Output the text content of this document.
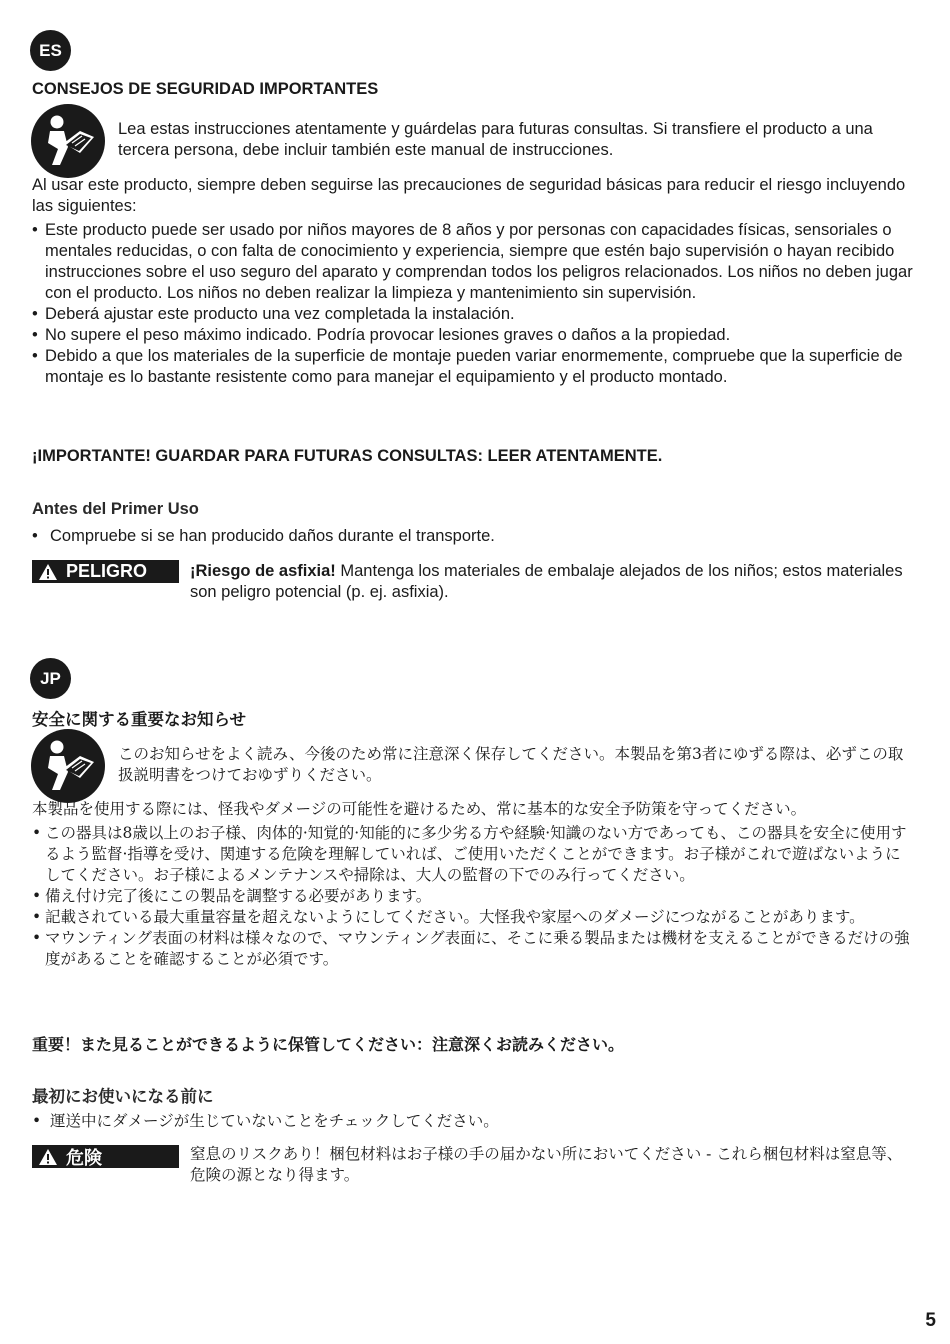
ES
CONSEJOS DE SEGURIDAD IMPORTANTES

Lea estas instrucciones atentamente y guárdelas para futuras consultas. Si transfiere el producto a una tercera persona, debe incluir también este manual de instrucciones.

Al usar este producto, siempre deben seguirse las precauciones de seguridad básicas para reducir el riesgo incluyendo las siguientes:

• Este producto puede ser usado por niños mayores de 8 años y por personas con capacidades físicas, sensoriales o mentales reducidas, o con falta de conocimiento y experiencia, siempre que estén bajo supervisión o hayan recibido instrucciones sobre el uso seguro del aparato y comprendan todos los peligros relacionados. Los niños no deben jugar con el producto. Los niños no deben realizar la limpieza y mantenimiento sin supervisión.
• Deberá ajustar este producto una vez completada la instalación.
• No supere el peso máximo indicado. Podría provocar lesiones graves o daños a la propiedad.
• Debido a que los materiales de la superficie de montaje pueden variar enormemente, compruebe que la superficie de montaje es lo bastante resistente como para manejar el equipamiento y el producto montado.

¡IMPORTANTE! GUARDAR PARA FUTURAS CONSULTAS: LEER ATENTAMENTE.

Antes del Primer Uso

• Compruebe si se han producido daños durante el transporte.

PELIGRO	¡Riesgo de asfixia! Mantenga los materiales de embalaje alejados de los niños; estos materiales son peligro potencial (p. ej. asfixia).

JP
安全に関する重要なお知らせ

このお知らせをよく読み、今後のため常に注意深く保存してください。本製品を第3者にゆずる際は、必ずこの取扱説明書をつけておゆずりください。

本製品を使用する際には、怪我やダメージの可能性を避けるため、常に基本的な安全予防策を守ってください。

• この器具は8歳以上のお子様、肉体的·知覚的·知能的に多少劣る方や経験·知識のない方であっても、この器具を安全に使用するよう監督·指導を受け、関連する危険を理解していれば、ご使用いただくことができます。お子様がこれで遊ばないようにしてください。お子様によるメンテナンスや掃除は、大人の監督の下でのみ行ってください。
• 備え付け完了後にこの製品を調整する必要があります。
• 記載されている最大重量容量を超えないようにしてください。大怪我や家屋へのダメージにつながることがあります。
• マウンティング表面の材料は様々なので、マウンティング表面に、そこに乗る製品または機材を支えることができるだけの強度があることを確認することが必須です。

重要！また見ることができるように保管してください：注意深くお読みください。

最初にお使いになる前に

• 運送中にダメージが生じていないことをチェックしてください。

危険	窒息のリスクあり！梱包材料はお子様の手の届かない所においてください - これら梱包材料は窒息等、危険の源となり得ます。

5
